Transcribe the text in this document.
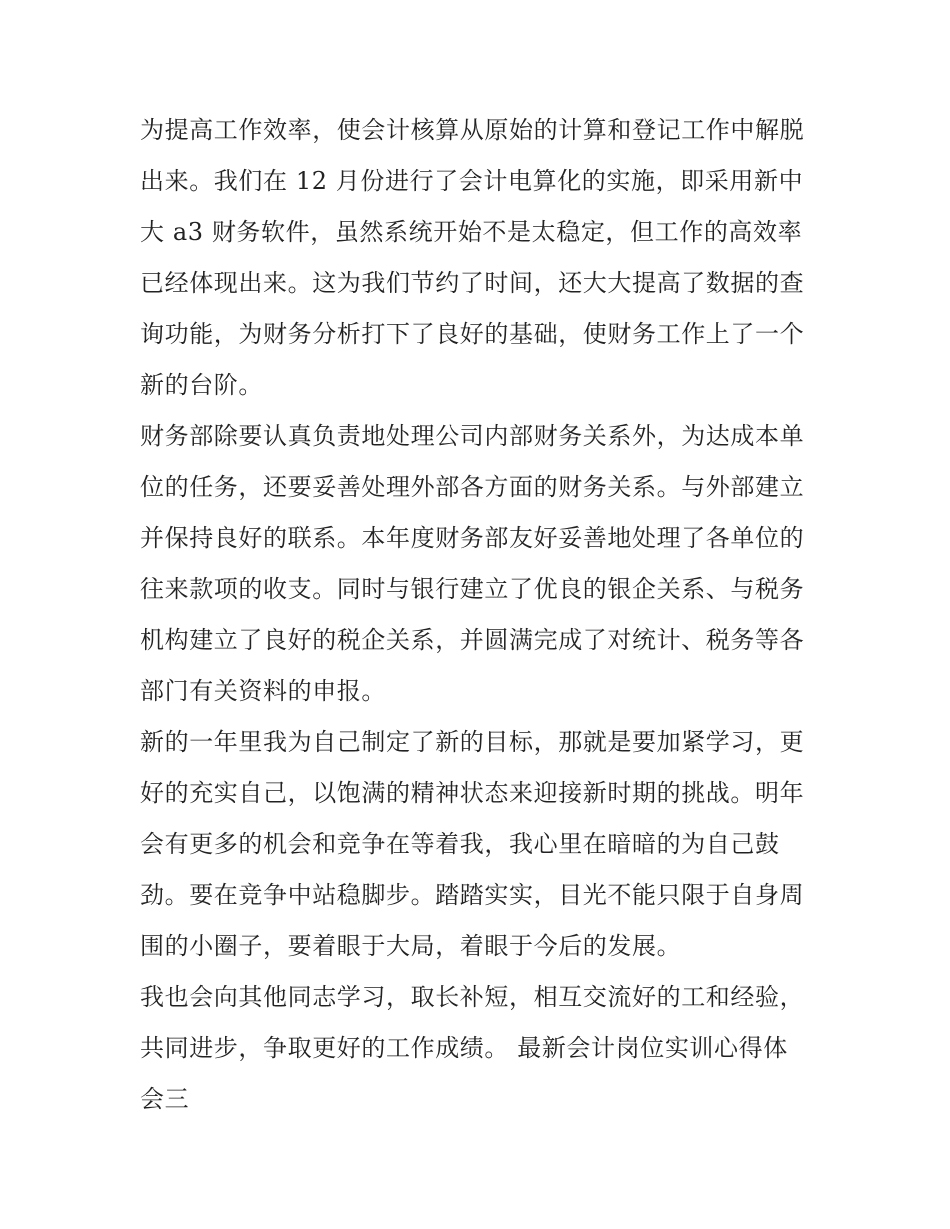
为提高工作效率，使会计核算从原始的计算和登记工作中解脱
出来。我们在 12 月份进行了会计电算化的实施，即采用新中
大 a3 财务软件，虽然系统开始不是太稳定，但工作的高效率
已经体现出来。这为我们节约了时间，还大大提高了数据的查
询功能，为财务分析打下了良好的基础，使财务工作上了一个
新的台阶。

财务部除要认真负责地处理公司内部财务关系外，为达成本单
位的任务，还要妥善处理外部各方面的财务关系。与外部建立
并保持良好的联系。本年度财务部友好妥善地处理了各单位的
往来款项的收支。同时与银行建立了优良的银企关系、与税务
机构建立了良好的税企关系，并圆满完成了对统计、税务等各
部门有关资料的申报。

新的一年里我为自己制定了新的目标，那就是要加紧学习，更
好的充实自己，以饱满的精神状态来迎接新时期的挑战。明年
会有更多的机会和竞争在等着我，我心里在暗暗的为自己鼓
劲。要在竞争中站稳脚步。踏踏实实，目光不能只限于自身周
围的小圈子，要着眼于大局，着眼于今后的发展。

我也会向其他同志学习，取长补短，相互交流好的工和经验，
共同进步，争取更好的工作成绩。 最新会计岗位实训心得体
会三
